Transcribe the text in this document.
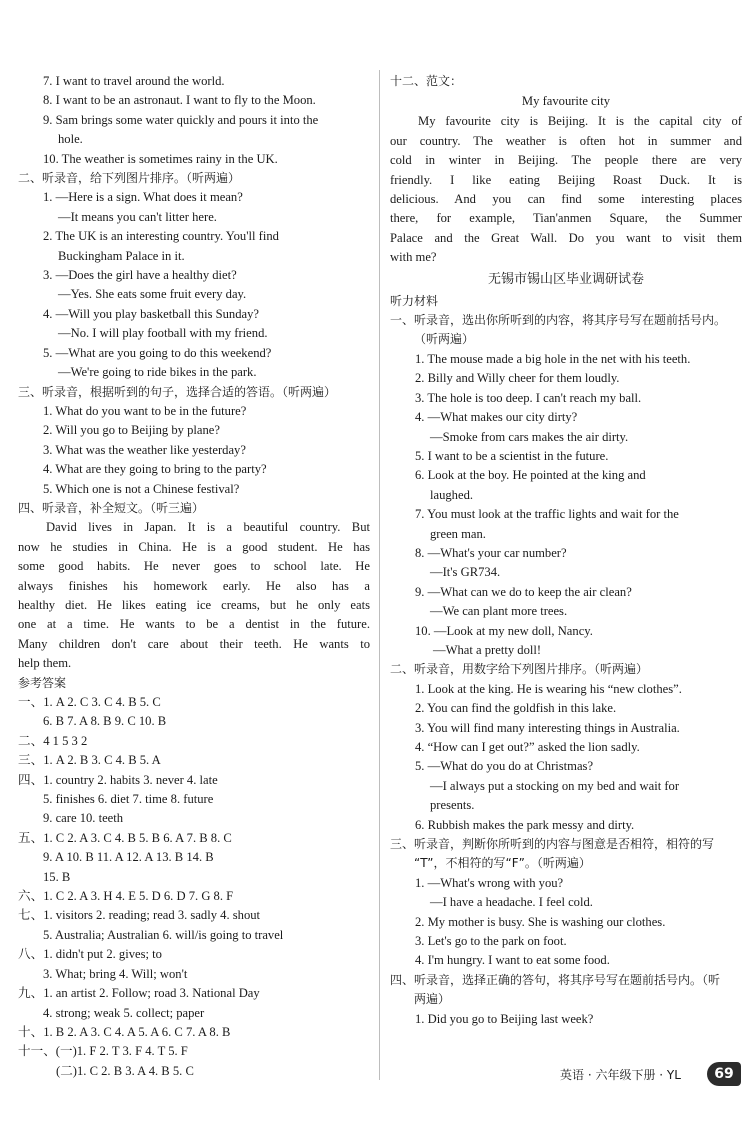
7. I want to travel around the world.
8. I want to be an astronaut. I want to fly to the Moon.
9. Sam brings some water quickly and pours it into the
hole.
10. The weather is sometimes rainy in the UK.
二、听录音，给下列图片排序。（听两遍）
1. —Here is a sign. What does it mean?
—It means you can't litter here.
2. The UK is an interesting country. You'll find
Buckingham Palace in it.
3. —Does the girl have a healthy diet?
—Yes. She eats some fruit every day.
4. —Will you play basketball this Sunday?
—No. I will play football with my friend.
5. —What are you going to do this weekend?
—We're going to ride bikes in the park.
三、听录音，根据听到的句子，选择合适的答语。（听两遍）
1. What do you want to be in the future?
2. Will you go to Beijing by plane?
3. What was the weather like yesterday?
4. What are they going to bring to the party?
5. Which one is not a Chinese festival?
四、听录音，补全短文。（听三遍）
David lives in Japan. It is a beautiful country. But
now he studies in China. He is a good student. He has
some good habits. He never goes to school late. He
always finishes his homework early. He also has a
healthy diet. He likes eating ice creams, but he only eats
one at a time. He wants to be a dentist in the future.
Many children don't care about their teeth. He wants to
help them.
参考答案
一、1. A 2. C 3. C 4. B 5. C
6. B 7. A 8. B 9. C 10. B
二、4 1 5 3 2
三、1. A 2. B 3. C 4. B 5. A
四、1. country 2. habits 3. never 4. late
5. finishes 6. diet 7. time 8. future
9. care 10. teeth
五、1. C 2. A 3. C 4. B 5. B 6. A 7. B 8. C
9. A 10. B 11. A 12. A 13. B 14. B
15. B
六、1. C 2. A 3. H 4. E 5. D 6. D 7. G 8. F
七、1. visitors 2. reading; read 3. sadly 4. shout
5. Australia; Australian 6. will/is going to travel
八、1. didn't put 2. gives; to
3. What; bring 4. Will; won't
九、1. an artist 2. Follow; road 3. National Day
4. strong; weak 5. collect; paper
十、1. B 2. A 3. C 4. A 5. A 6. C 7. A 8. B
十一、(一)1. F 2. T 3. F 4. T 5. F
(二)1. C 2. B 3. A 4. B 5. C
十二、范文：
My favourite city
My favourite city is Beijing. It is the capital city of
our country. The weather is often hot in summer and
cold in winter in Beijing. The people there are very
friendly. I like eating Beijing Roast Duck. It is
delicious. And you can find some interesting places
there, for example, Tian'anmen Square, the Summer
Palace and the Great Wall. Do you want to visit them
with me?
无锡市锡山区毕业调研试卷
听力材料
一、听录音，选出你所听到的内容，将其序号写在题前括号内。
（听两遍）
1. The mouse made a big hole in the net with his teeth.
2. Billy and Willy cheer for them loudly.
3. The hole is too deep. I can't reach my ball.
4. —What makes our city dirty?
—Smoke from cars makes the air dirty.
5. I want to be a scientist in the future.
6. Look at the boy. He pointed at the king and
laughed.
7. You must look at the traffic lights and wait for the
green man.
8. —What's your car number?
—It's GR734.
9. —What can we do to keep the air clean?
—We can plant more trees.
10. —Look at my new doll, Nancy.
—What a pretty doll!
二、听录音，用数字给下列图片排序。（听两遍）
1. Look at the king. He is wearing his “new clothes”.
2. You can find the goldfish in this lake.
3. You will find many interesting things in Australia.
4. “How can I get out?” asked the lion sadly.
5. —What do you do at Christmas?
—I always put a stocking on my bed and wait for
presents.
6. Rubbish makes the park messy and dirty.
三、听录音，判断你所听到的内容与图意是否相符，相符的写
“T”，不相符的写“F”。（听两遍）
1. —What's wrong with you?
—I have a headache. I feel cold.
2. My mother is busy. She is washing our clothes.
3. Let's go to the park on foot.
4. I'm hungry. I want to eat some food.
四、听录音，选择正确的答句，将其序号写在题前括号内。（听
两遍）
1. Did you go to Beijing last week?
英语 · 六年级下册 · YL	69
